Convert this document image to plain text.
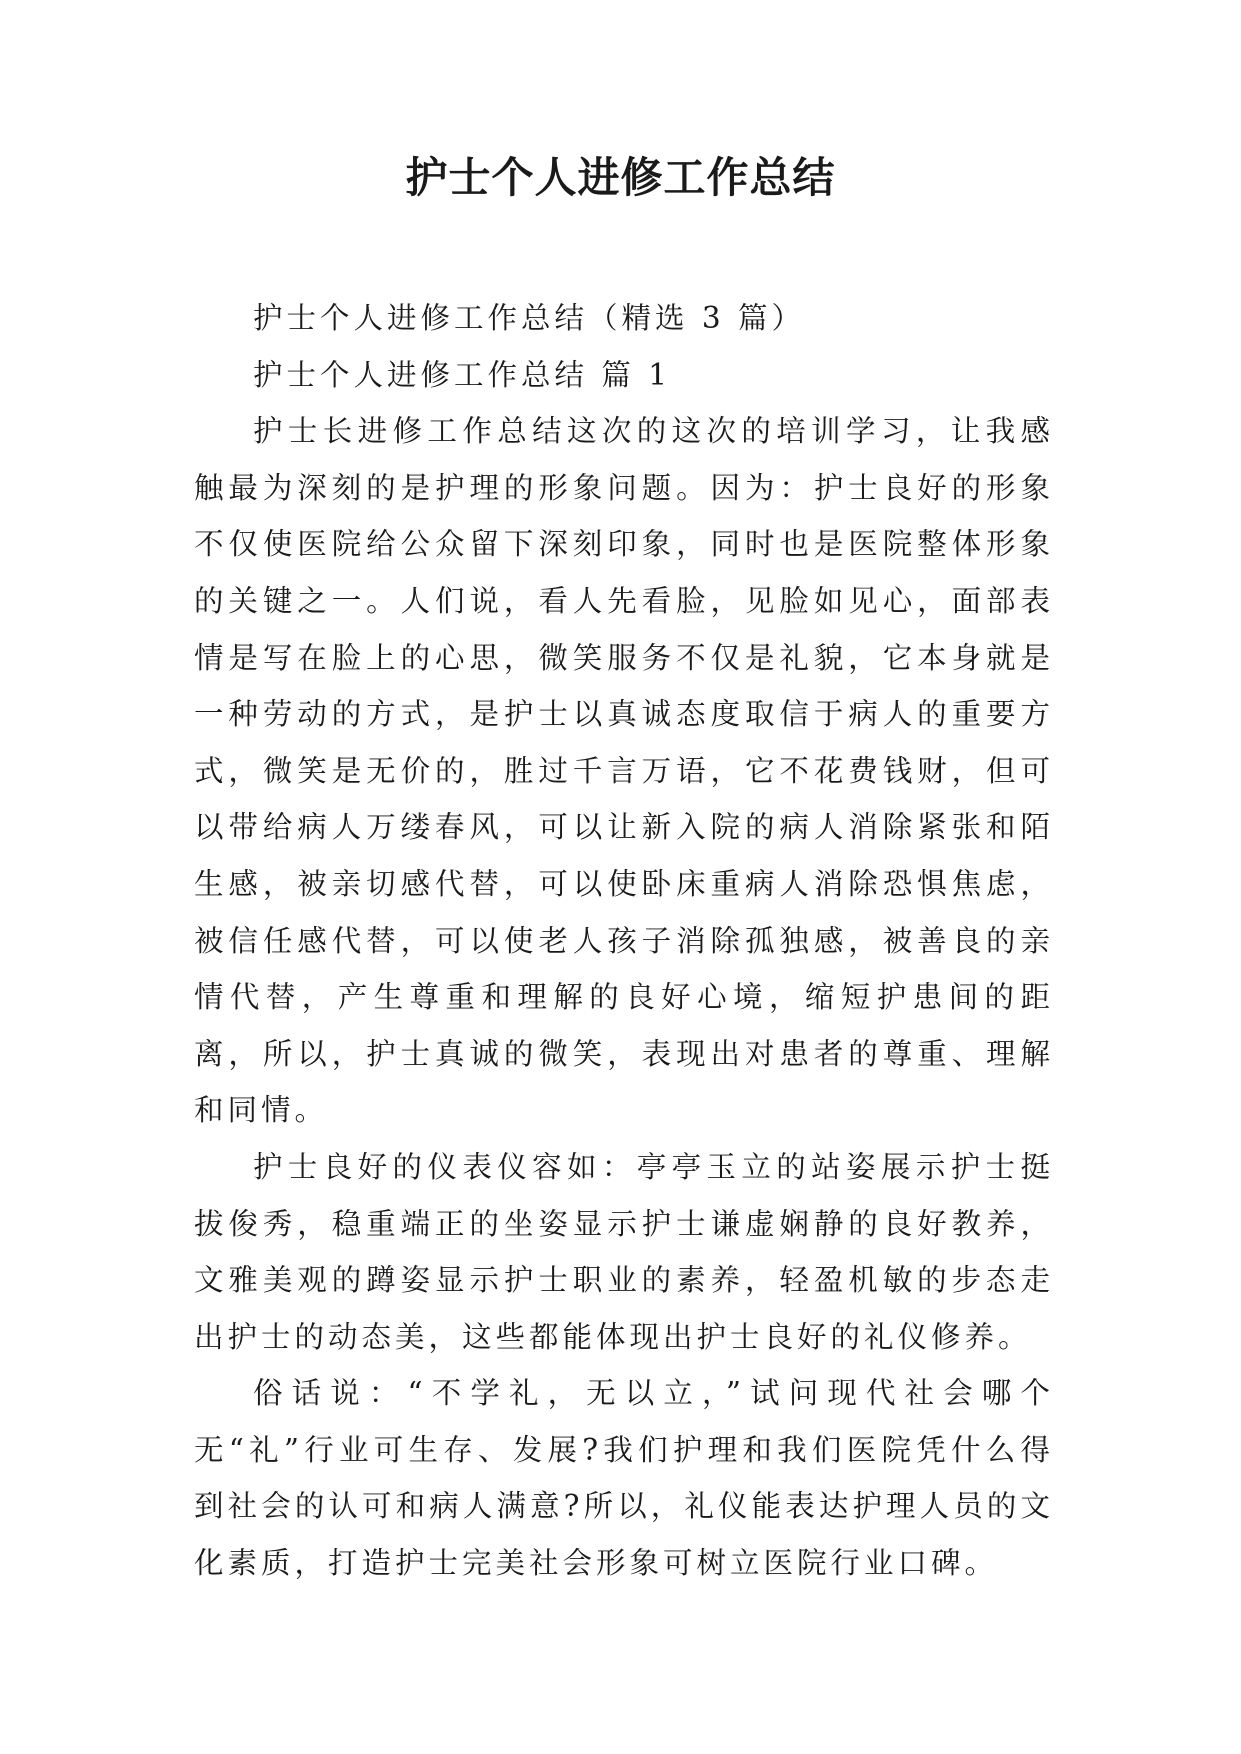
护士个人进修工作总结

护士个人进修工作总结（精选 3 篇）

护士个人进修工作总结 篇 1

护士长进修工作总结这次的这次的培训学习，让我感触最为深刻的是护理的形象问题。因为：护士良好的形象不仅使医院给公众留下深刻印象，同时也是医院整体形象的关键之一。人们说，看人先看脸，见脸如见心，面部表情是写在脸上的心思，微笑服务不仅是礼貌，它本身就是一种劳动的方式，是护士以真诚态度取信于病人的重要方式，微笑是无价的，胜过千言万语，它不花费钱财，但可以带给病人万缕春风，可以让新入院的病人消除紧张和陌生感，被亲切感代替，可以使卧床重病人消除恐惧焦虑，被信任感代替，可以使老人孩子消除孤独感，被善良的亲情代替，产生尊重和理解的良好心境，缩短护患间的距离，所以，护士真诚的微笑，表现出对患者的尊重、理解和同情。

护士良好的仪表仪容如：亭亭玉立的站姿展示护士挺拔俊秀，稳重端正的坐姿显示护士谦虚娴静的良好教养，文雅美观的蹲姿显示护士职业的素养，轻盈机敏的步态走出护士的动态美，这些都能体现出护士良好的礼仪修养。

俗话说：“不学礼，无以立，”试问现代社会哪个无“礼”行业可生存、发展?我们护理和我们医院凭什么得到社会的认可和病人满意?所以，礼仪能表达护理人员的文化素质，打造护士完美社会形象可树立医院行业口碑。
